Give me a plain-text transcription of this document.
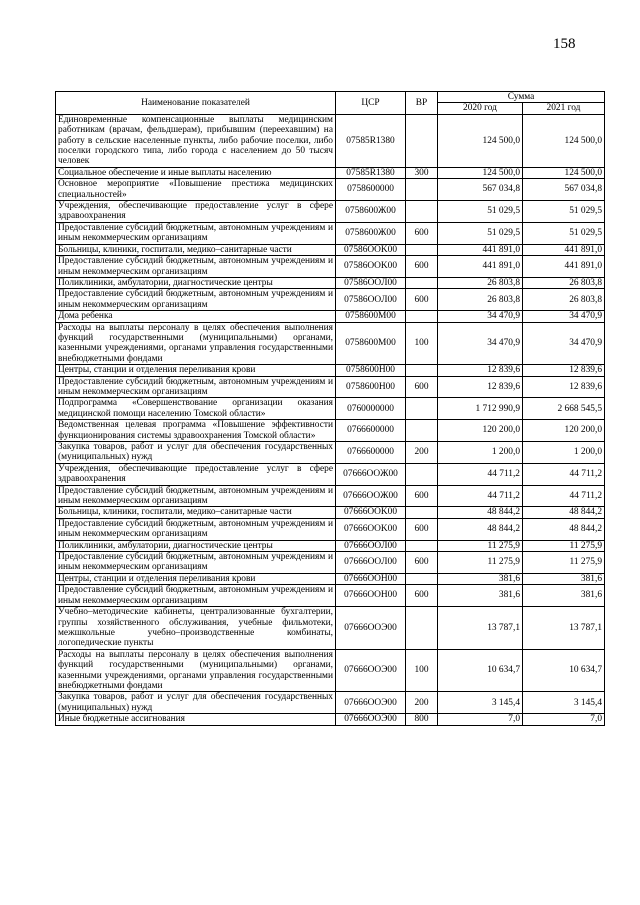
158
Наименование показателей	ЦСР	ВР	Сумма	
			2020 год	2021 год
Единовременные компенсационные выплаты медицинским работникам (врачам, фельдшерам), прибывшим (переехавшим) на работу в сельские населенные пункты, либо рабочие поселки, либо поселки городского типа, либо города с населением до 50 тысяч человек	07585R1380		124 500,0	124 500,0
Социальное обеспечение и иные выплаты населению	07585R1380	300	124 500,0	124 500,0
Основное мероприятие «Повышение престижа медицинских специальностей»	0758600000		567 034,8	567 034,8
Учреждения, обеспечивающие предоставление услуг в сфере здравоохранения	0758600Ж00		51 029,5	51 029,5
Предоставление субсидий бюджетным, автономным учреждениям и иным некоммерческим организациям	0758600Ж00	600	51 029,5	51 029,5
Больницы, клиники, госпитали, медико–санитарные части	07586OOK00		441 891,0	441 891,0
Предоставление субсидий бюджетным, автономным учреждениям и иным некоммерческим организациям	07586OOK00	600	441 891,0	441 891,0
Поликлиники, амбулатории, диагностические центры	07586OOЛ00		26 803,8	26 803,8
Предоставление субсидий бюджетным, автономным учреждениям и иным некоммерческим организациям	07586OOЛ00	600	26 803,8	26 803,8
Дома ребенка	0758600M00		34 470,9	34 470,9
Расходы на выплаты персоналу в целях обеспечения выполнения функций государственными (муниципальными) органами, казенными учреждениями, органами управления государственными внебюджетными фондами	0758600M00	100	34 470,9	34 470,9
Центры, станции и отделения переливания крови	0758600H00		12 839,6	12 839,6
Предоставление субсидий бюджетным, автономным учреждениям и иным некоммерческим организациям	0758600H00	600	12 839,6	12 839,6
Подпрограмма «Совершенствование организации оказания медицинской помощи населению Томской области»	0760000000		1 712 990,9	2 668 545,5
Ведомственная целевая программа «Повышение эффективности функционирования системы здравоохранения Томской области»	0766600000		120 200,0	120 200,0
Закупка товаров, работ и услуг для обеспечения государственных (муниципальных) нужд	0766600000	200	1 200,0	1 200,0
Учреждения, обеспечивающие предоставление услуг в сфере здравоохранения	07666OOЖ00		44 711,2	44 711,2
Предоставление субсидий бюджетным, автономным учреждениям и иным некоммерческим организациям	07666OOЖ00	600	44 711,2	44 711,2
Больницы, клиники, госпитали, медико–санитарные части	07666OOK00		48 844,2	48 844,2
Предоставление субсидий бюджетным, автономным учреждениям и иным некоммерческим организациям	07666OOK00	600	48 844,2	48 844,2
Поликлиники, амбулатории, диагностические центры	07666OOЛ00		11 275,9	11 275,9
Предоставление субсидий бюджетным, автономным учреждениям и иным некоммерческим организациям	07666OOЛ00	600	11 275,9	11 275,9
Центры, станции и отделения переливания крови	07666OOH00		381,6	381,6
Предоставление субсидий бюджетным, автономным учреждениям и иным некоммерческим организациям	07666OOH00	600	381,6	381,6
Учебно–методические кабинеты, централизованные бухгалтерии, группы хозяйственного обслуживания, учебные фильмотеки, межшкольные учебно–производственные комбинаты, логопедические пункты	07666OOЭ00		13 787,1	13 787,1
Расходы на выплаты персоналу в целях обеспечения выполнения функций государственными (муниципальными) органами, казенными учреждениями, органами управления государственными внебюджетными фондами	07666OOЭ00	100	10 634,7	10 634,7
Закупка товаров, работ и услуг для обеспечения государственных (муниципальных) нужд	07666OOЭ00	200	3 145,4	3 145,4
Иные бюджетные ассигнования	07666OOЭ00	800	7,0	7,0
